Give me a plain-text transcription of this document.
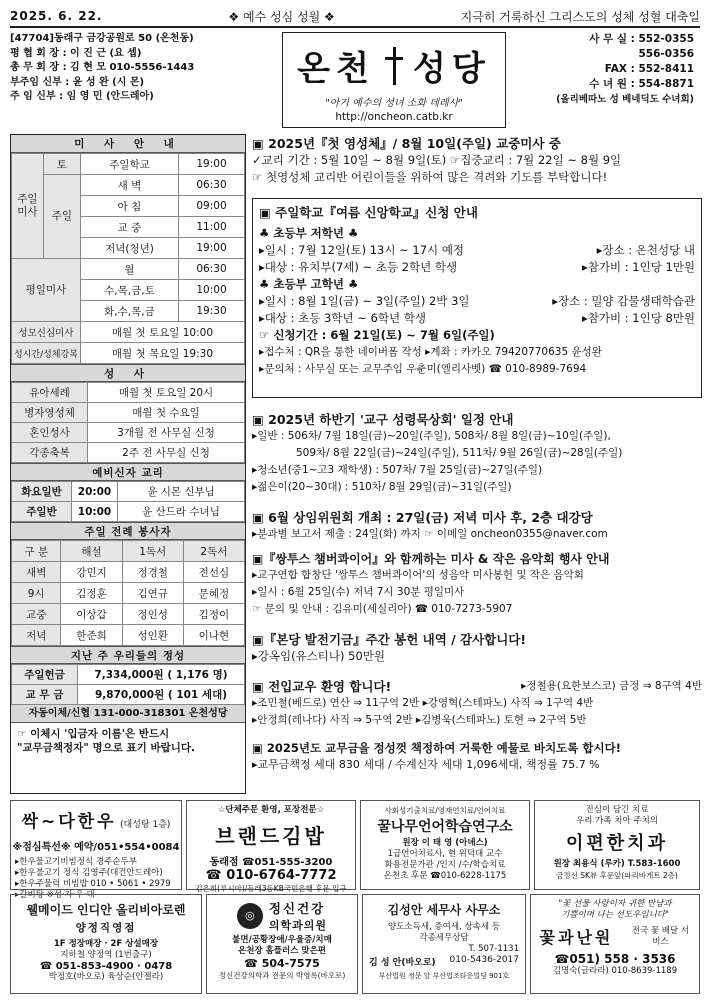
2025. 6. 22.	❖ 예수 성심 성월 ❖	지극히 거룩하신 그리스도의 성체 성혈 대축일
[47704]동래구 금강공원로 50 (온천동)
평 협 회 장 : 이 진 근 (요 셉)
총 무 회 장 : 김 현 모 010-5556-1443
부주임 신부 : 윤 성 완 (시 몬)
주 임 신부 : 임 영 민 (안드레아)
온천 성당
"아기 예수의 성녀 소화 데레사"
http://oncheon.catb.kr
사 무 실 : 552-0355
556-0356
FAX : 552-8411
수 녀 원 : 554-8871
(올리베따노 성 베네딕도 수녀회)
미 사 안 내
주일미사	토	주일학교	19:00
	주일	새 벽	06:30
		아 침	09:00
		교 중	11:00
		저녁(청년)	19:00
평일미사		월	06:30
		수,목,금,토	10:00
		화,수,목,금	19:30
성모신심미사		매월 첫 토요일 10:00	
성시간/성체강복		매월 첫 목요일 19:30	
성 사
유아세례	매월 첫 토요일 20시
병자영성체	매월 첫 수요일
혼인성사	3개월 전 사무실 신청
각종축복	2주 전 사무실 신청
예비신자 교리
화요일반	20:00	윤 시몬 신부님
주일반	10:00	윤 산드라 수녀님
주일 전례 봉사자
구 분	해설	1독서	2독서
새벽	강민지	정경철	전선심
9시	김정훈	김연규	문혜정
교중	이상갑	정인성	김정이
저녁	한준희	성인환	이나현
지난 주 우리들의 정성
주일헌금	7,334,000원 ( 1,176 명)
교 무 금	9,870,000원 ( 101 세대)
자동이체/신협 131-000-318301 온천성당
☞ 이체시 '입금자 이름'은 반드시
"교무금책정자" 명으로 표기 바랍니다.
▣ 2025년『첫 영성체』/ 8월 10일(주일) 교중미사 중
✓교리 기간 : 5월 10일 ~ 8월 9일(토) ☞집중교리 : 7월 22일 ~ 8월 9일
☞ 첫영성체 교리반 어린이들을 위하여 많은 격려와 기도를 부탁합니다!
▣ 주일학교『여름 신앙학교』신청 안내
♣ 초등부 저학년 ♣
▸일시 : 7월 12일(토) 13시 ~ 17시 예정	▸장소 : 온천성당 내
▸대상 : 유치부(7세) ~ 초등 2학년 학생	▸참가비 : 1인당 1만원
♣ 초등부 고학년 ♣
▸일시 : 8월 1일(금) ~ 3일(주일) 2박 3일	▸장소 : 밀양 감물생태학습관
▸대상 : 초등 3학년 ~ 6학년 학생	▸참가비 : 1인당 8만원
☞ 신청기간 : 6월 21일(토) ~ 7월 6일(주일)
▸접수처 : QR을 통한 네이버폼 작성 ▸계좌 : 카카오 79420770635 윤성완
▸문의처 : 사무실 또는 교무주임 우춘미(엘리사벳) ☎ 010-8989-7694
▣ 2025년 하반기 '교구 성령묵상회' 일정 안내
▸일반 : 506차/ 7월 18일(금)~20일(주일), 508차/ 8월 8일(금)~10일(주일),
509차/ 8월 22일(금)~24일(주일), 511차/ 9월 26일(금)~28일(주일)
▸청소년(중1~고3 재학생) : 507차/ 7월 25일(금)~27일(주일)
▸젊은이(20~30대) : 510차/ 8월 29일(금)~31일(주일)
▣ 6월 상임위원회 개최 : 27일(금) 저녁 미사 후, 2층 대강당
▸분과별 보고서 제출 : 24일(화) 까지 ☞ 이메일 oncheon0355@naver.com
▣『쌍투스 챔버콰이어』와 함께하는 미사 & 작은 음악회 행사 안내
▸교구연합 합창단 '쌍투스 챔버콰이어'의 성음악 미사봉헌 및 작은 음악회
▸일시 : 6월 25일(수) 저녁 7시 30분 평일미사
☞ 문의 및 안내 : 김유미(세실리아) ☎ 010-7273-5907
▣『본당 발전기금』주간 봉헌 내역 / 감사합니다!
▸강옥임(유스티나) 50만원
▣ 전입교우 환영 합니다!	▸정철용(요한보스코) 금정 ⇒ 8구역 4반
▸조민철(베드로) 연산 ⇒ 11구역 2반 ▸강영혁(스테파노) 사직 ⇒ 1구역 4반
▸안정희(레나다) 사직 ⇒ 5구역 2반 ▸김병욱(스테파노) 토현 ⇒ 2구역 5반
▣ 2025년도 교무금을 정성껏 책정하여 거룩한 예물로 바치도록 합시다!
▸교무금책정 세대 830 세대 / 수계신자 세대 1,096세대, 책정률 75.7 %
싹~다한우 (대성탕 1층)
※점심특선※ 예약/051•554•0084
▸한우물고기비빔정식 경주순두부
▸한우불고기 정식 김영주(대건안드레아)
▸한우주물럭 비빔밥 010 • 5061 • 2979
▸갈비탕 ※성·자·우·대
☆단체주문 환영, 포장전문☆
브랜드김밥
동래점 ☎051-555-3200
☎ 010-6764-7772
김은희(루시아)/동래3동KB국민은행 후문 입구
사회성기출치료/영재언치료/언어치료
꿀나무언어학습연구소
원장 이 태 영 (아녜스)
1급언어치료사, 현 위덕대 교수
화용전문가관 /인지 /수/학습치료
온천초 후문 ☎010-6228-1175
진심이 담긴 치료
우리 가족 치아 주치의
이편한치과
원장 최용식 (루카) T.583-1600
금정선 SK뷰 후문앞(파리바게트 2층)
웰메이드 인디안 올리비아로렌
양정직영점
1F 정장매장 · 2F 상설매장
지하철 양정역 (1번출구)
☎ 051-853-4900 · 0478
박정호(바오로) 육상순(안젤라)
◎	정신건강
의학과의원
불면/공황장애/우울증/치매
온천장 홈플러스 맞은편
☎ 504-7575
정신건강의학과 전문의 박영록(바오로)
김성안 세무사 사무소
양도소득세, 증여세, 상속세 등
각종세무상담
T. 507-1131
김 성 안(바오로) 010-5436-2017
부산법원 정문 앞 부산법조타운빌딩 901호
"꽃 선물 사랑이자 귀한 만남과
기쁨이며 나는 선도우입니다"
꽃과난원 전국 꽃 배달 서비스
☎051) 558 · 3536
김명숙(글라라) 010-8639-1189
